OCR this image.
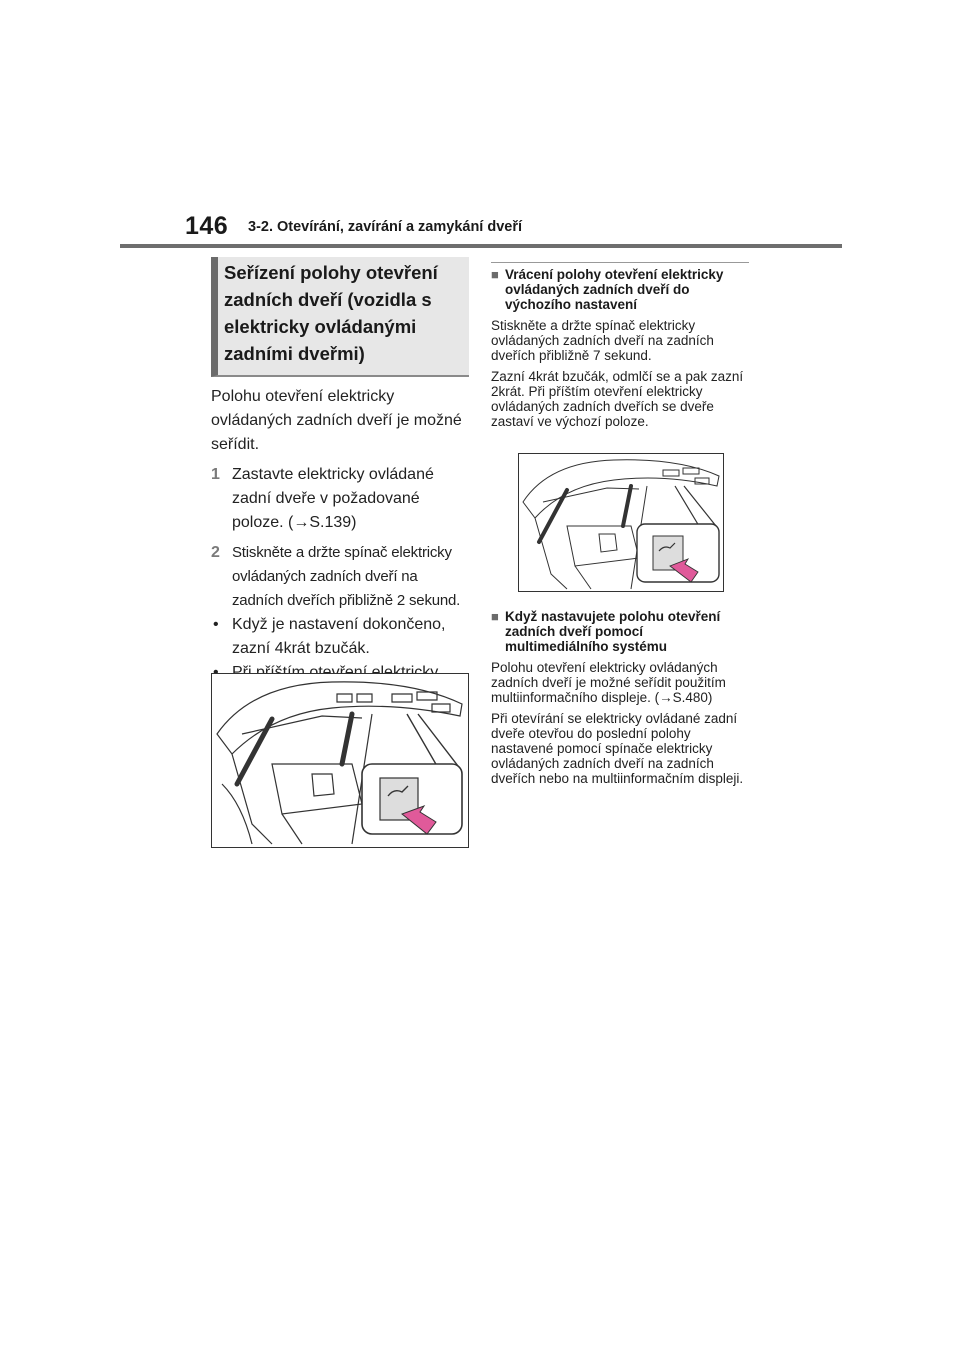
146 3-2. Otevírání, zavírání a zamykání dveří
Seřízení polohy otevření zadních dveří (vozidla s elektricky ovládanými zadními dveřmi)
Polohu otevření elektricky ovládaných zadních dveří je možné seřídit.
1 Zastavte elektricky ovládané zadní dveře v požadované poloze. (→S.139)
2 Stiskněte a držte spínač elektricky ovládaných zadních dveří na zadních dveřích přibližně 2 sekund.
• Když je nastavení dokončeno, zazní 4krát bzučák.
■ Vrácení polohy otevření elektricky ovládaných zadních dveří do výchozího nastavení
Stiskněte a držte spínač elektricky ovládaných zadních dveří na zadních dveřích přibližně 7 sekund.
Zazní 4krát bzučák, odmlčí se a pak zazní 2krát. Při příštím otevření elektricky ovládaných zadních dveřích se dveře zastaví ve výchozí poloze.
■ Když nastavujete polohu otevření zadních dveří pomocí multimediálního systému
Polohu otevření elektricky ovládaných zadních dveří je možné seřídit použitím multiinformačního displeje. (→S.480)
Při otevírání se elektricky ovládané zadní dveře otevřou do poslední polohy nastavené pomocí spínače elektricky ovládaných zadních dveří na zadních dveřích nebo na multiinformačním displeji.
